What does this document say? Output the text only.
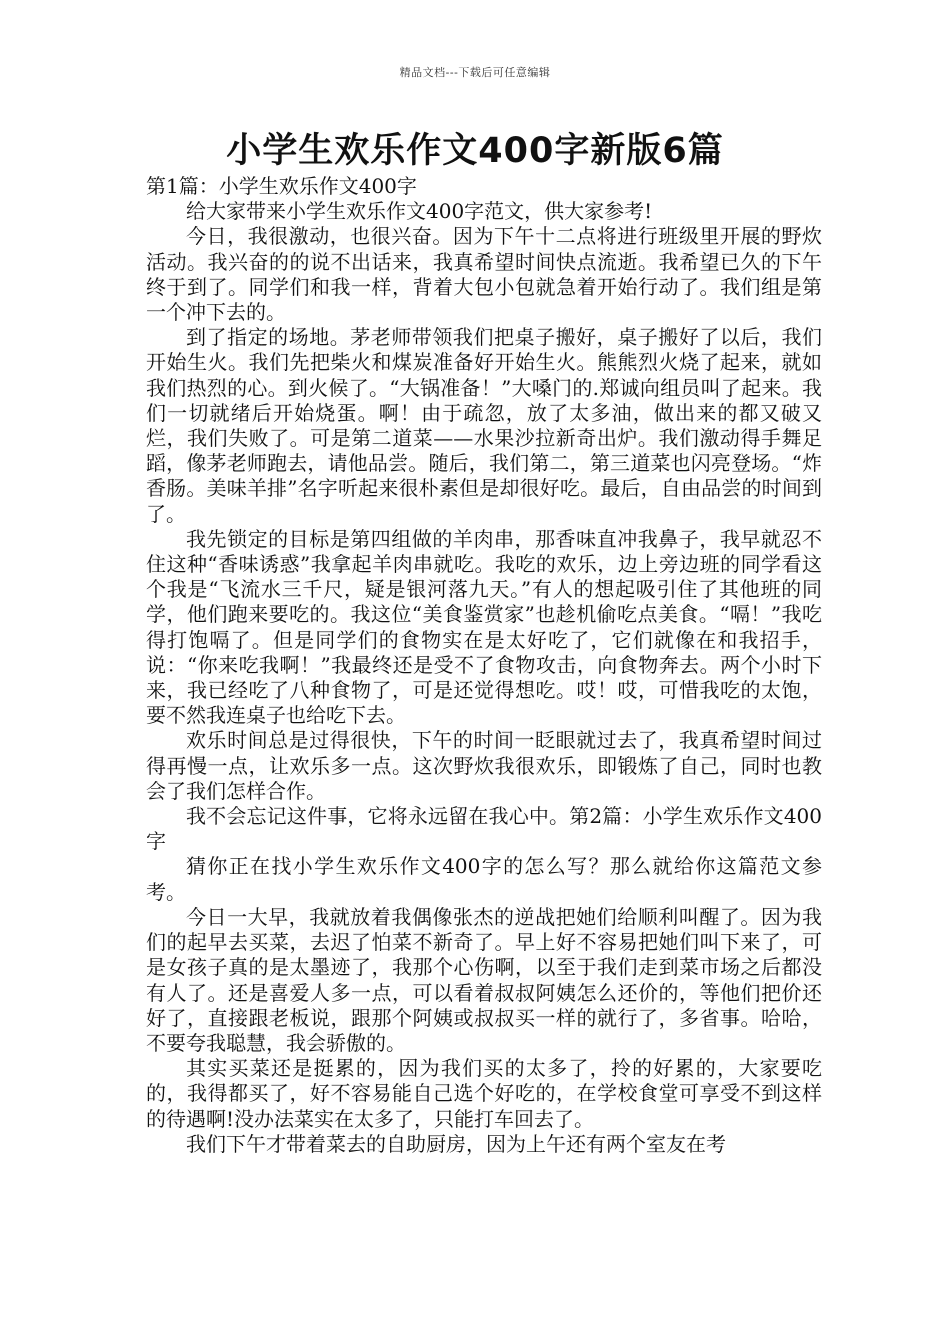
精品文档---下载后可任意编辑
小学生欢乐作文400字新版6篇

第1篇：小学生欢乐作文400字

给大家带来小学生欢乐作文400字范文，供大家参考!

今日，我很激动，也很兴奋。因为下午十二点将进行班级里开展的野炊活动。我兴奋的的说不出话来，我真希望时间快点流逝。我希望已久的下午终于到了。同学们和我一样，背着大包小包就急着开始行动了。我们组是第一个冲下去的。

到了指定的场地。茅老师带领我们把桌子搬好，桌子搬好了以后，我们开始生火。我们先把柴火和煤炭准备好开始生火。熊熊烈火烧了起来，就如我们热烈的心。到火候了。“大锅准备！”大嗓门的.郑诚向组员叫了起来。我们一切就绪后开始烧蛋。啊！由于疏忽，放了太多油，做出来的都又破又烂，我们失败了。可是第二道菜——水果沙拉新奇出炉。我们激动得手舞足蹈，像茅老师跑去，请他品尝。随后，我们第二，第三道菜也闪亮登场。“炸香肠。美味羊排”名字听起来很朴素但是却很好吃。最后，自由品尝的时间到了。

我先锁定的目标是第四组做的羊肉串，那香味直冲我鼻子，我早就忍不住这种“香味诱惑”我拿起羊肉串就吃。我吃的欢乐，边上旁边班的同学看这个我是“飞流水三千尺，疑是银河落九天。”有人的想起吸引住了其他班的同学，他们跑来要吃的。我这位“美食鉴赏家”也趁机偷吃点美食。“嗝！”我吃得打饱嗝了。但是同学们的食物实在是太好吃了，它们就像在和我招手，说：“你来吃我啊！”我最终还是受不了食物攻击，向食物奔去。两个小时下来，我已经吃了八种食物了，可是还觉得想吃。哎！哎，可惜我吃的太饱，要不然我连桌子也给吃下去。

欢乐时间总是过得很快，下午的时间一眨眼就过去了，我真希望时间过得再慢一点，让欢乐多一点。这次野炊我很欢乐，即锻炼了自己，同时也教会了我们怎样合作。

我不会忘记这件事，它将永远留在我心中。第2篇：小学生欢乐作文400字

猜你正在找小学生欢乐作文400字的怎么写？那么就给你这篇范文参考。

今日一大早，我就放着我偶像张杰的逆战把她们给顺利叫醒了。因为我们的起早去买菜，去迟了怕菜不新奇了。早上好不容易把她们叫下来了，可是女孩子真的是太墨迹了，我那个心伤啊，以至于我们走到菜市场之后都没有人了。还是喜爱人多一点，可以看着叔叔阿姨怎么还价的，等他们把价还好了，直接跟老板说，跟那个阿姨或叔叔买一样的就行了，多省事。哈哈，不要夸我聪慧，我会骄傲的。

其实买菜还是挺累的，因为我们买的太多了，拎的好累的，大家要吃的，我得都买了，好不容易能自己选个好吃的，在学校食堂可享受不到这样的待遇啊!没办法菜实在太多了，只能打车回去了。

我们下午才带着菜去的自助厨房，因为上午还有两个室友在考
